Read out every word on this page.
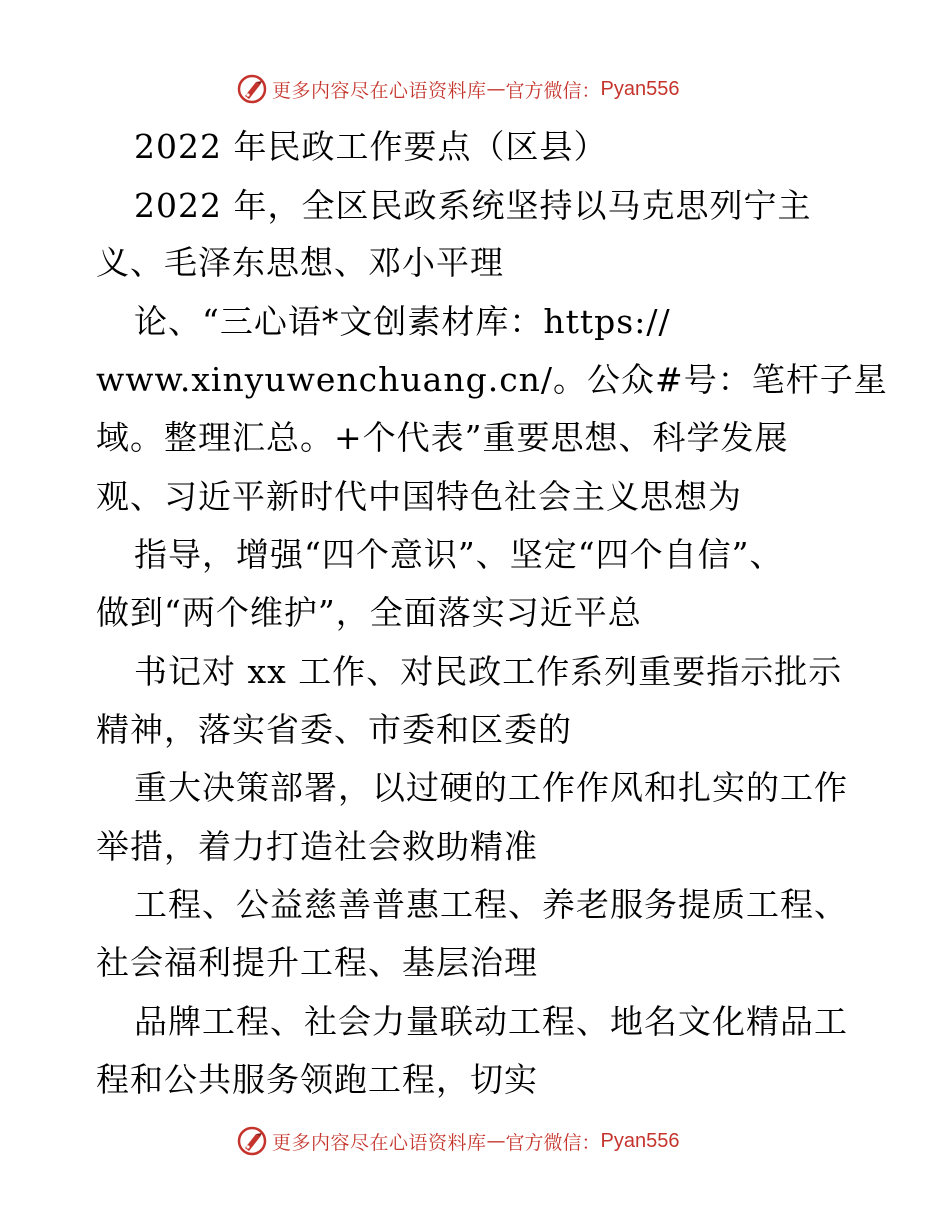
更多内容尽在心语资料库 — 官方微信： Pyan556
2022 年民政工作要点（区县）
2022 年，全区民政系统坚持以马克思列宁主
义、毛泽东思想、邓小平理
论、“三心语*文创素材库：https://
www.xinyuwenchuang.cn/。公众#号：笔杆子星
域。整理汇总。+个代表”重要思想、科学发展
观、习近平新时代中国特色社会主义思想为
指导，增强“四个意识”、坚定“四个自信”、
做到“两个维护”，全面落实习近平总
书记对 xx 工作、对民政工作系列重要指示批示
精神，落实省委、市委和区委的
重大决策部署，以过硬的工作作风和扎实的工作
举措，着力打造社会救助精准
工程、公益慈善普惠工程、养老服务提质工程、
社会福利提升工程、基层治理
品牌工程、社会力量联动工程、地名文化精品工
程和公共服务领跑工程，切实
更多内容尽在心语资料库 — 官方微信： Pyan556
